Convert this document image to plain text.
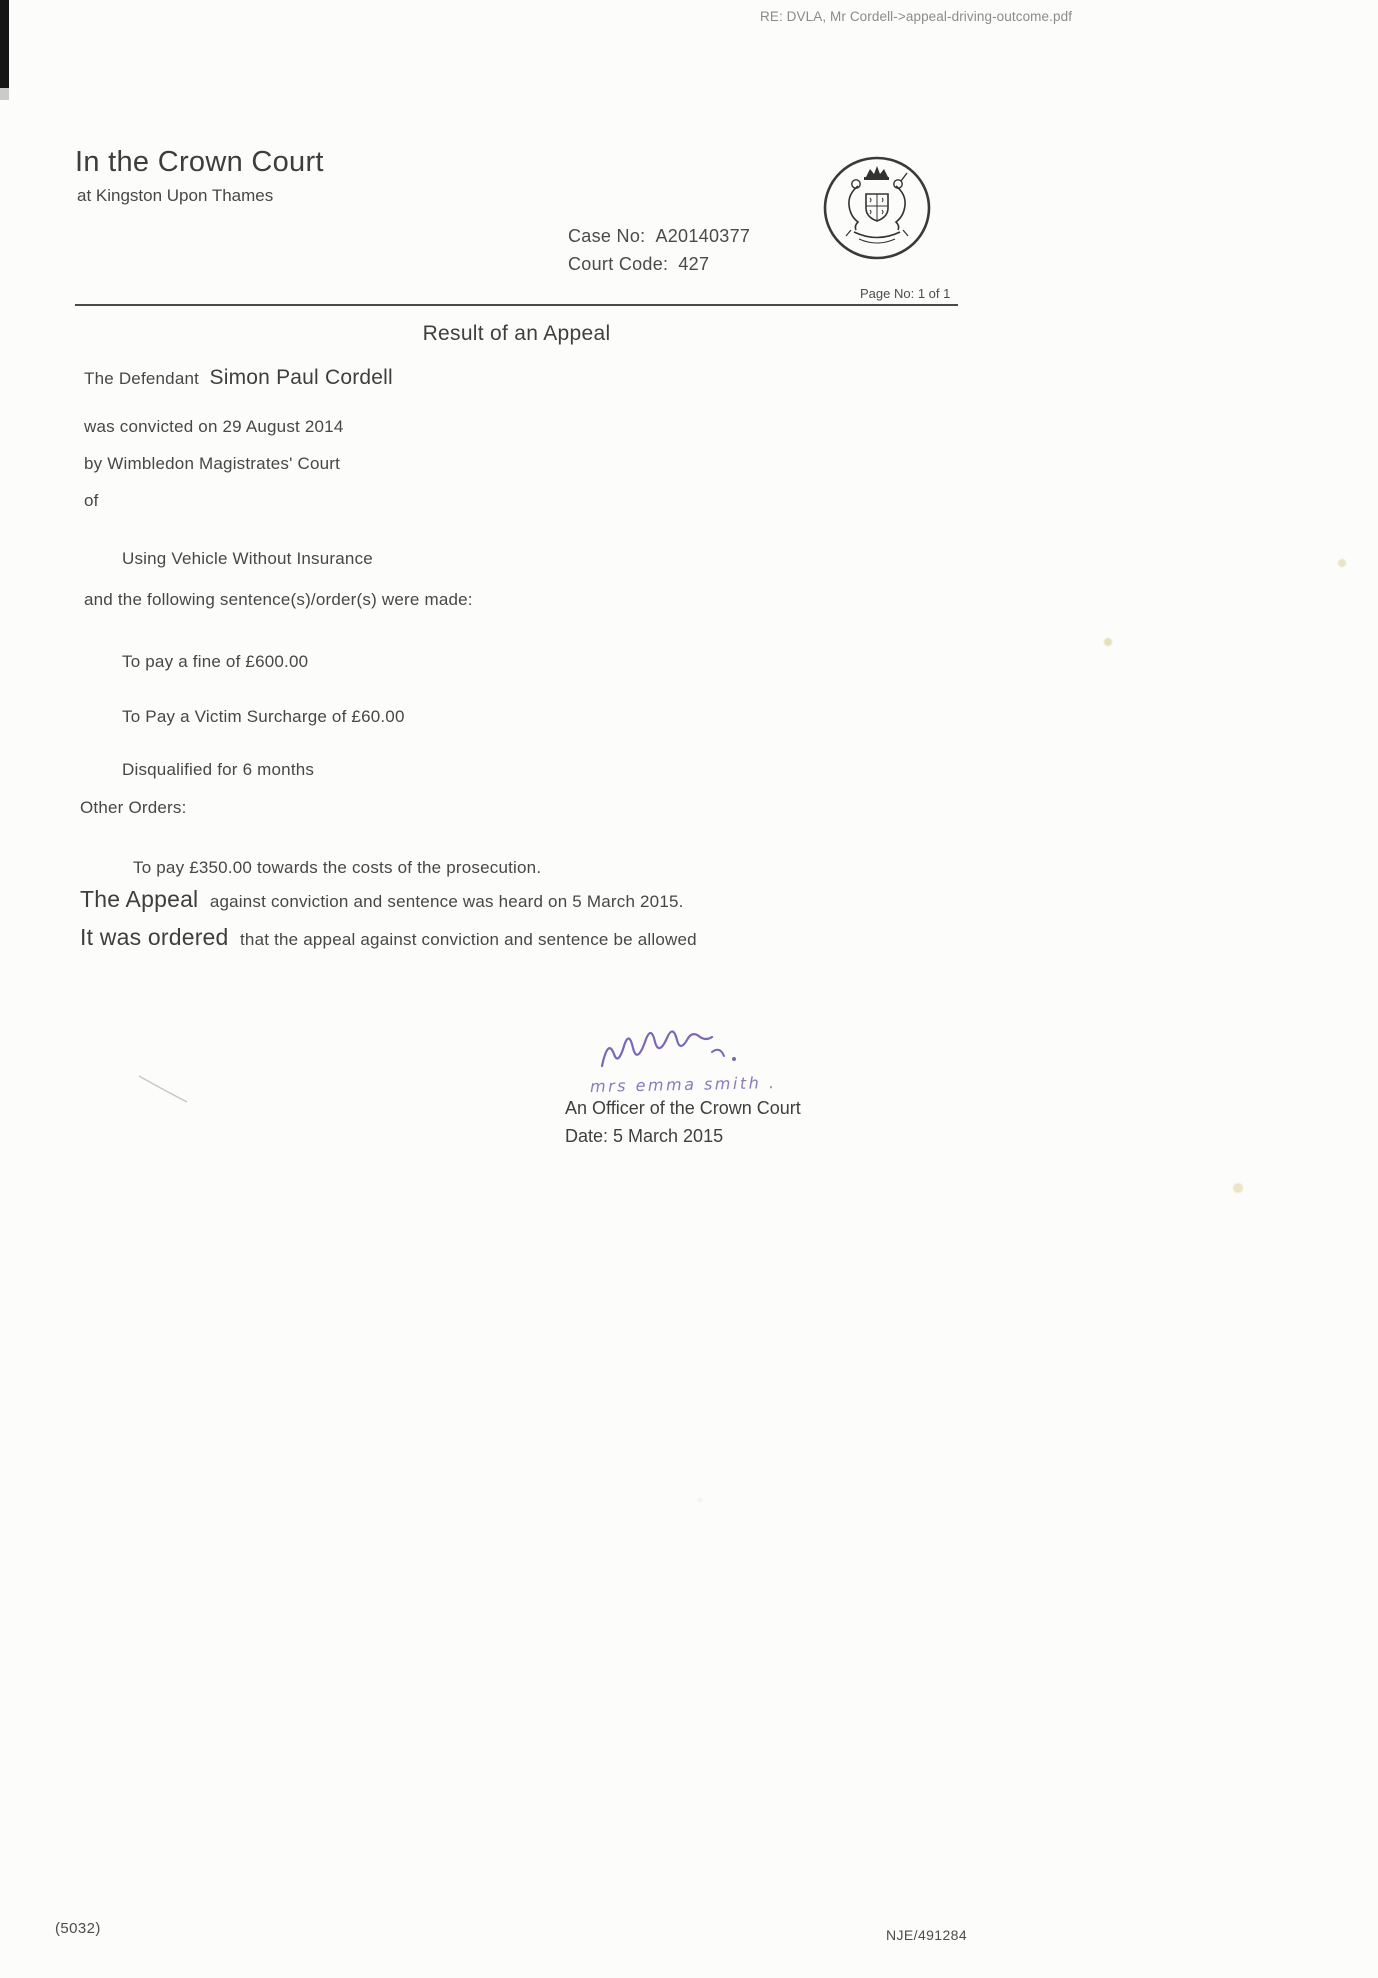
RE: DVLA, Mr Cordell->appeal-driving-outcome.pdf
In the Crown Court
at Kingston Upon Thames
Case No: A20140377
Court Code: 427
Page No: 1 of 1
Result of an Appeal
The Defendant Simon Paul Cordell
was convicted on 29 August 2014
by Wimbledon Magistrates' Court
of
Using Vehicle Without Insurance
and the following sentence(s)/order(s) were made:
To pay a fine of £600.00
To Pay a Victim Surcharge of £60.00
Disqualified for 6 months
Other Orders:
To pay £350.00 towards the costs of the prosecution.
The Appeal against conviction and sentence was heard on 5 March 2015.
It was ordered that the appeal against conviction and sentence be allowed
mrs emma smith .
An Officer of the Crown Court
Date: 5 March 2015
(5032)	NJE/491284
